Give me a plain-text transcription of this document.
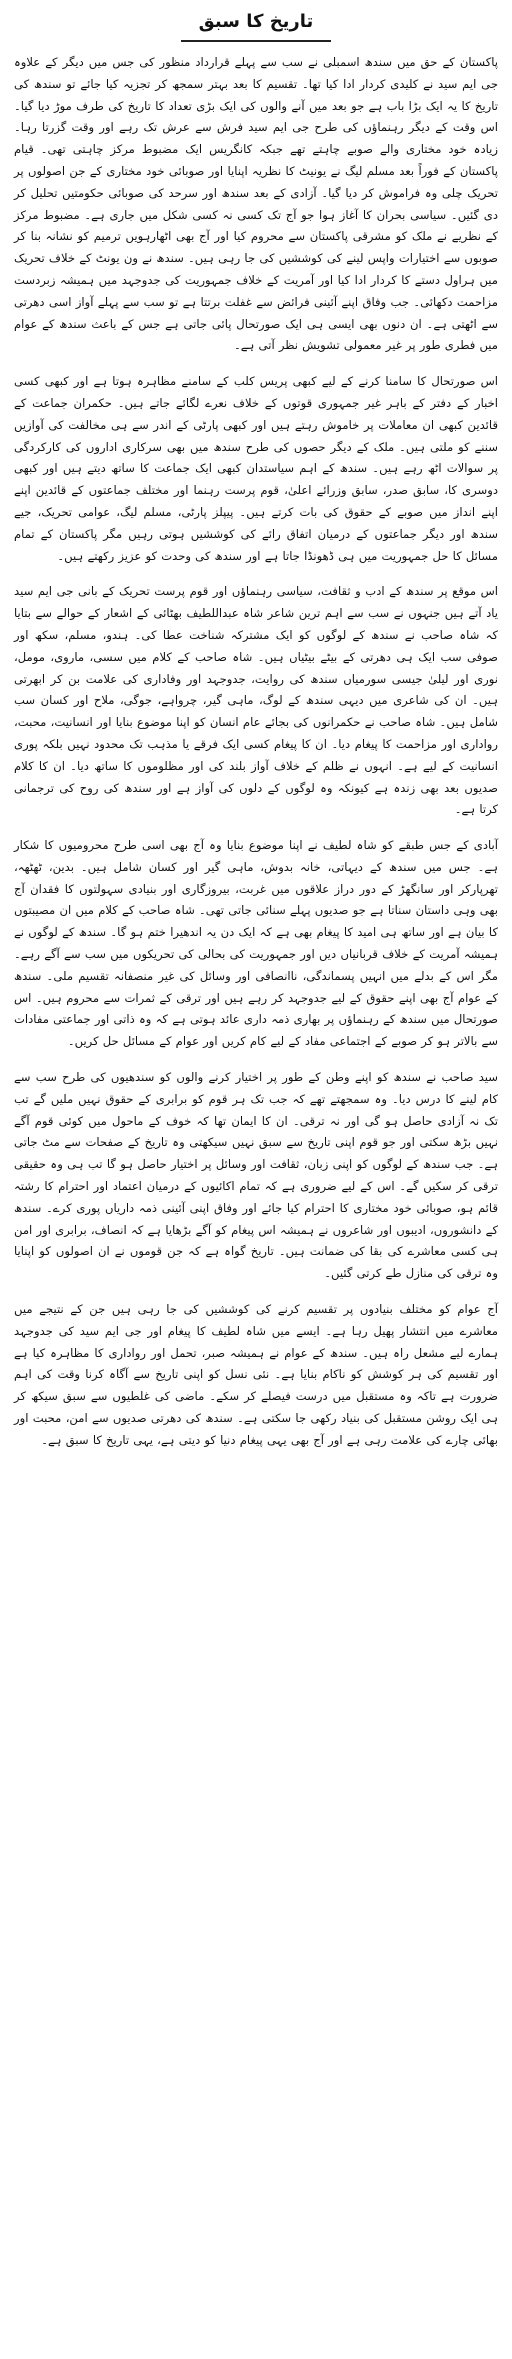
تاریخ کا سبق

پاکستان کے حق میں سندھ اسمبلی نے سب سے پہلے قرارداد منظور کی جس میں دیگر کے علاوہ جی ایم سید نے کلیدی کردار ادا کیا تھا۔ تقسیم کا بعد بہتر سمجھ کر تجزیہ کیا جائے تو سندھ کی تاریخ کا یہ ایک بڑا باب ہے جو بعد میں آنے والوں کی ایک بڑی تعداد کا تاریخ کی طرف موڑ دیا گیا۔ اس وقت کے دیگر رہنماؤں کی طرح جی ایم سید فرش سے عرش تک رہے اور وقت گزرتا رہا۔ زیادہ خود مختاری والے صوبے چاہتے تھے جبکہ کانگریس ایک مضبوط مرکز چاہتی تھی۔ قیام پاکستان کے فوراً بعد مسلم لیگ نے یونیٹ کا نظریہ اپنایا اور صوبائی خود مختاری کے جن اصولوں پر تحریک چلی وہ فراموش کر دیا گیا۔ آزادی کے بعد سندھ اور سرحد کی صوبائی حکومتیں تحلیل کر دی گئیں۔ سیاسی بحران کا آغاز ہوا جو آج تک کسی نہ کسی شکل میں جاری ہے۔ مضبوط مرکز کے نظریے نے ملک کو مشرقی پاکستان سے محروم کیا اور آج بھی اٹھارہویں ترمیم کو نشانہ بنا کر صوبوں سے اختیارات واپس لینے کی کوششیں کی جا رہی ہیں۔ سندھ نے ون یونٹ کے خلاف تحریک میں ہراول دستے کا کردار ادا کیا اور آمریت کے خلاف جمہوریت کی جدوجہد میں ہمیشہ زبردست مزاحمت دکھائی۔ جب وفاق اپنے آئینی فرائض سے غفلت برتتا ہے تو سب سے پہلے آواز اسی دھرتی سے اٹھتی ہے۔ ان دنوں بھی ایسی ہی ایک صورتحال پائی جاتی ہے جس کے باعث سندھ کے عوام میں فطری طور پر غیر معمولی تشویش نظر آتی ہے۔

اس صورتحال کا سامنا کرنے کے لیے کبھی پریس کلب کے سامنے مظاہرہ ہوتا ہے اور کبھی کسی اخبار کے دفتر کے باہر غیر جمہوری قوتوں کے خلاف نعرے لگائے جاتے ہیں۔ حکمران جماعت کے قائدین کبھی ان معاملات پر خاموش رہتے ہیں اور کبھی پارٹی کے اندر سے ہی مخالفت کی آوازیں سننے کو ملتی ہیں۔ ملک کے دیگر حصوں کی طرح سندھ میں بھی سرکاری اداروں کی کارکردگی پر سوالات اٹھ رہے ہیں۔ سندھ کے اہم سیاستدان کبھی ایک جماعت کا ساتھ دیتے ہیں اور کبھی دوسری کا، سابق صدر، سابق وزرائے اعلیٰ، قوم پرست رہنما اور مختلف جماعتوں کے قائدین اپنے اپنے انداز میں صوبے کے حقوق کی بات کرتے ہیں۔ پیپلز پارٹی، مسلم لیگ، عوامی تحریک، جیے سندھ اور دیگر جماعتوں کے درمیان اتفاق رائے کی کوششیں ہوتی رہیں مگر پاکستان کے تمام مسائل کا حل جمہوریت میں ہی ڈھونڈا جاتا ہے اور سندھ کی وحدت کو عزیز رکھتے ہیں۔

اس موقع پر سندھ کے ادب و ثقافت، سیاسی رہنماؤں اور قوم پرست تحریک کے بانی جی ایم سید یاد آتے ہیں جنہوں نے سب سے اہم ترین شاعر شاہ عبداللطیف بھٹائی کے اشعار کے حوالے سے بتایا کہ شاہ صاحب نے سندھ کے لوگوں کو ایک مشترکہ شناخت عطا کی۔ ہندو، مسلم، سکھ اور صوفی سب ایک ہی دھرتی کے بیٹے بیٹیاں ہیں۔ شاہ صاحب کے کلام میں سسی، ماروی، مومل، نوری اور لیلیٰ جیسی سورمیاں سندھ کی روایت، جدوجہد اور وفاداری کی علامت بن کر ابھرتی ہیں۔ ان کی شاعری میں دیہی سندھ کے لوگ، ماہی گیر، چرواہے، جوگی، ملاح اور کسان سب شامل ہیں۔ شاہ صاحب نے حکمرانوں کی بجائے عام انسان کو اپنا موضوع بنایا اور انسانیت، محبت، رواداری اور مزاحمت کا پیغام دیا۔ ان کا پیغام کسی ایک فرقے یا مذہب تک محدود نہیں بلکہ پوری انسانیت کے لیے ہے۔ انہوں نے ظلم کے خلاف آواز بلند کی اور مظلوموں کا ساتھ دیا۔ ان کا کلام صدیوں بعد بھی زندہ ہے کیونکہ وہ لوگوں کے دلوں کی آواز ہے اور سندھ کی روح کی ترجمانی کرتا ہے۔

آبادی کے جس طبقے کو شاہ لطیف نے اپنا موضوع بنایا وہ آج بھی اسی طرح محرومیوں کا شکار ہے۔ جس میں سندھ کے دیہاتی، خانہ بدوش، ماہی گیر اور کسان شامل ہیں۔ بدین، ٹھٹھہ، تھرپارکر اور سانگھڑ کے دور دراز علاقوں میں غربت، بیروزگاری اور بنیادی سہولتوں کا فقدان آج بھی وہی داستان سناتا ہے جو صدیوں پہلے سنائی جاتی تھی۔ شاہ صاحب کے کلام میں ان مصیبتوں کا بیان ہے اور ساتھ ہی امید کا پیغام بھی ہے کہ ایک دن یہ اندھیرا ختم ہو گا۔ سندھ کے لوگوں نے ہمیشہ آمریت کے خلاف قربانیاں دیں اور جمہوریت کی بحالی کی تحریکوں میں سب سے آگے رہے۔ مگر اس کے بدلے میں انہیں پسماندگی، ناانصافی اور وسائل کی غیر منصفانہ تقسیم ملی۔ سندھ کے عوام آج بھی اپنے حقوق کے لیے جدوجہد کر رہے ہیں اور ترقی کے ثمرات سے محروم ہیں۔ اس صورتحال میں سندھ کے رہنماؤں پر بھاری ذمہ داری عائد ہوتی ہے کہ وہ ذاتی اور جماعتی مفادات سے بالاتر ہو کر صوبے کے اجتماعی مفاد کے لیے کام کریں اور عوام کے مسائل حل کریں۔

سید صاحب نے سندھ کو اپنے وطن کے طور پر اختیار کرنے والوں کو سندھیوں کی طرح سب سے کام لینے کا درس دیا۔ وہ سمجھتے تھے کہ جب تک ہر قوم کو برابری کے حقوق نہیں ملیں گے تب تک نہ آزادی حاصل ہو گی اور نہ ترقی۔ ان کا ایمان تھا کہ خوف کے ماحول میں کوئی قوم آگے نہیں بڑھ سکتی اور جو قوم اپنی تاریخ سے سبق نہیں سیکھتی وہ تاریخ کے صفحات سے مٹ جاتی ہے۔ جب سندھ کے لوگوں کو اپنی زبان، ثقافت اور وسائل پر اختیار حاصل ہو گا تب ہی وہ حقیقی ترقی کر سکیں گے۔ اس کے لیے ضروری ہے کہ تمام اکائیوں کے درمیان اعتماد اور احترام کا رشتہ قائم ہو، صوبائی خود مختاری کا احترام کیا جائے اور وفاق اپنی آئینی ذمہ داریاں پوری کرے۔ سندھ کے دانشوروں، ادیبوں اور شاعروں نے ہمیشہ اس پیغام کو آگے بڑھایا ہے کہ انصاف، برابری اور امن ہی کسی معاشرے کی بقا کی ضمانت ہیں۔ تاریخ گواہ ہے کہ جن قوموں نے ان اصولوں کو اپنایا وہ ترقی کی منازل طے کرتی گئیں۔

آج عوام کو مختلف بنیادوں پر تقسیم کرنے کی کوششیں کی جا رہی ہیں جن کے نتیجے میں معاشرے میں انتشار پھیل رہا ہے۔ ایسے میں شاہ لطیف کا پیغام اور جی ایم سید کی جدوجہد ہمارے لیے مشعل راہ ہیں۔ سندھ کے عوام نے ہمیشہ صبر، تحمل اور رواداری کا مظاہرہ کیا ہے اور تقسیم کی ہر کوشش کو ناکام بنایا ہے۔ نئی نسل کو اپنی تاریخ سے آگاہ کرنا وقت کی اہم ضرورت ہے تاکہ وہ مستقبل میں درست فیصلے کر سکے۔ ماضی کی غلطیوں سے سبق سیکھ کر ہی ایک روشن مستقبل کی بنیاد رکھی جا سکتی ہے۔ سندھ کی دھرتی صدیوں سے امن، محبت اور بھائی چارے کی علامت رہی ہے اور آج بھی یہی پیغام دنیا کو دیتی ہے، یہی تاریخ کا سبق ہے۔
